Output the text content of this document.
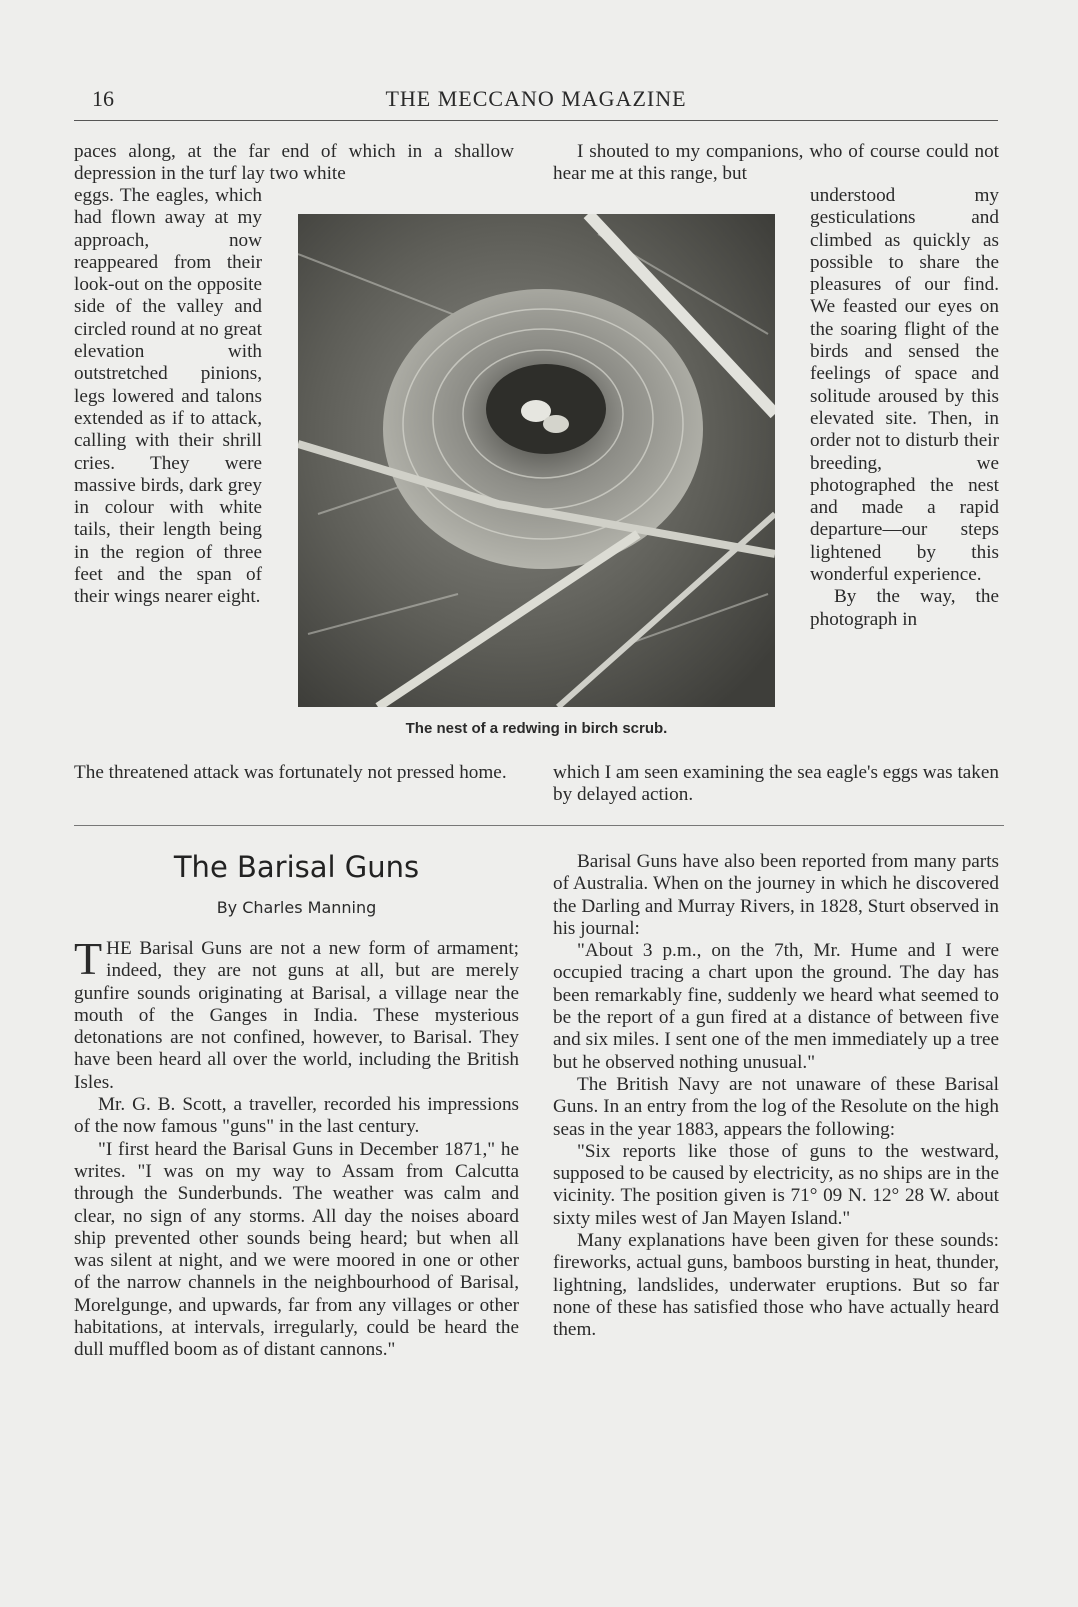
16	THE MECCANO MAGAZINE

paces along, at the far end of which in a shallow depression in the turf lay two white

eggs. The eagles, which had flown away at my approach, now reappeared from their look-out on the opposite side of the valley and circled round at no great elevation with outstretched pinions, legs lowered and talons extended as if to attack, calling with their shrill cries. They were massive birds, dark grey in colour with white tails, their length being in the region of three feet and the span of their wings nearer eight.

The threatened attack was fortunately not pressed home.

I shouted to my companions, who of course could not hear me at this range, but

understood my gesticulations and climbed as quickly as possible to share the pleasures of our find. We feasted our eyes on the soaring flight of the birds and sensed the feelings of space and solitude aroused by this elevated site. Then, in order not to disturb their breeding, we photographed the nest and made a rapid departure—our steps lightened by this wonderful experience.

By the way, the photograph in

which I am seen examining the sea eagle's eggs was taken by delayed action.

The nest of a redwing in birch scrub.
The Barisal Guns
By Charles Manning

THE Barisal Guns are not a new form of armament; indeed, they are not guns at all, but are merely gunfire sounds originating at Barisal, a village near the mouth of the Ganges in India. These mysterious detonations are not confined, however, to Barisal. They have been heard all over the world, including the British Isles.

Mr. G. B. Scott, a traveller, recorded his impressions of the now famous "guns" in the last century.

"I first heard the Barisal Guns in December 1871," he writes. "I was on my way to Assam from Calcutta through the Sunderbunds. The weather was calm and clear, no sign of any storms. All day the noises aboard ship prevented other sounds being heard; but when all was silent at night, and we were moored in one or other of the narrow channels in the neighbourhood of Barisal, Morelgunge, and upwards, far from any villages or other habitations, at intervals, irregularly, could be heard the dull muffled boom as of distant cannons."

Barisal Guns have also been reported from many parts of Australia. When on the journey in which he discovered the Darling and Murray Rivers, in 1828, Sturt observed in his journal:

"About 3 p.m., on the 7th, Mr. Hume and I were occupied tracing a chart upon the ground. The day has been remarkably fine, suddenly we heard what seemed to be the report of a gun fired at a distance of between five and six miles. I sent one of the men immediately up a tree but he observed nothing unusual."

The British Navy are not unaware of these Barisal Guns. In an entry from the log of the Resolute on the high seas in the year 1883, appears the following:

"Six reports like those of guns to the westward, supposed to be caused by electricity, as no ships are in the vicinity. The position given is 71° 09 N. 12° 28 W. about sixty miles west of Jan Mayen Island."

Many explanations have been given for these sounds: fireworks, actual guns, bamboos bursting in heat, thunder, lightning, landslides, underwater eruptions. But so far none of these has satisfied those who have actually heard them.
